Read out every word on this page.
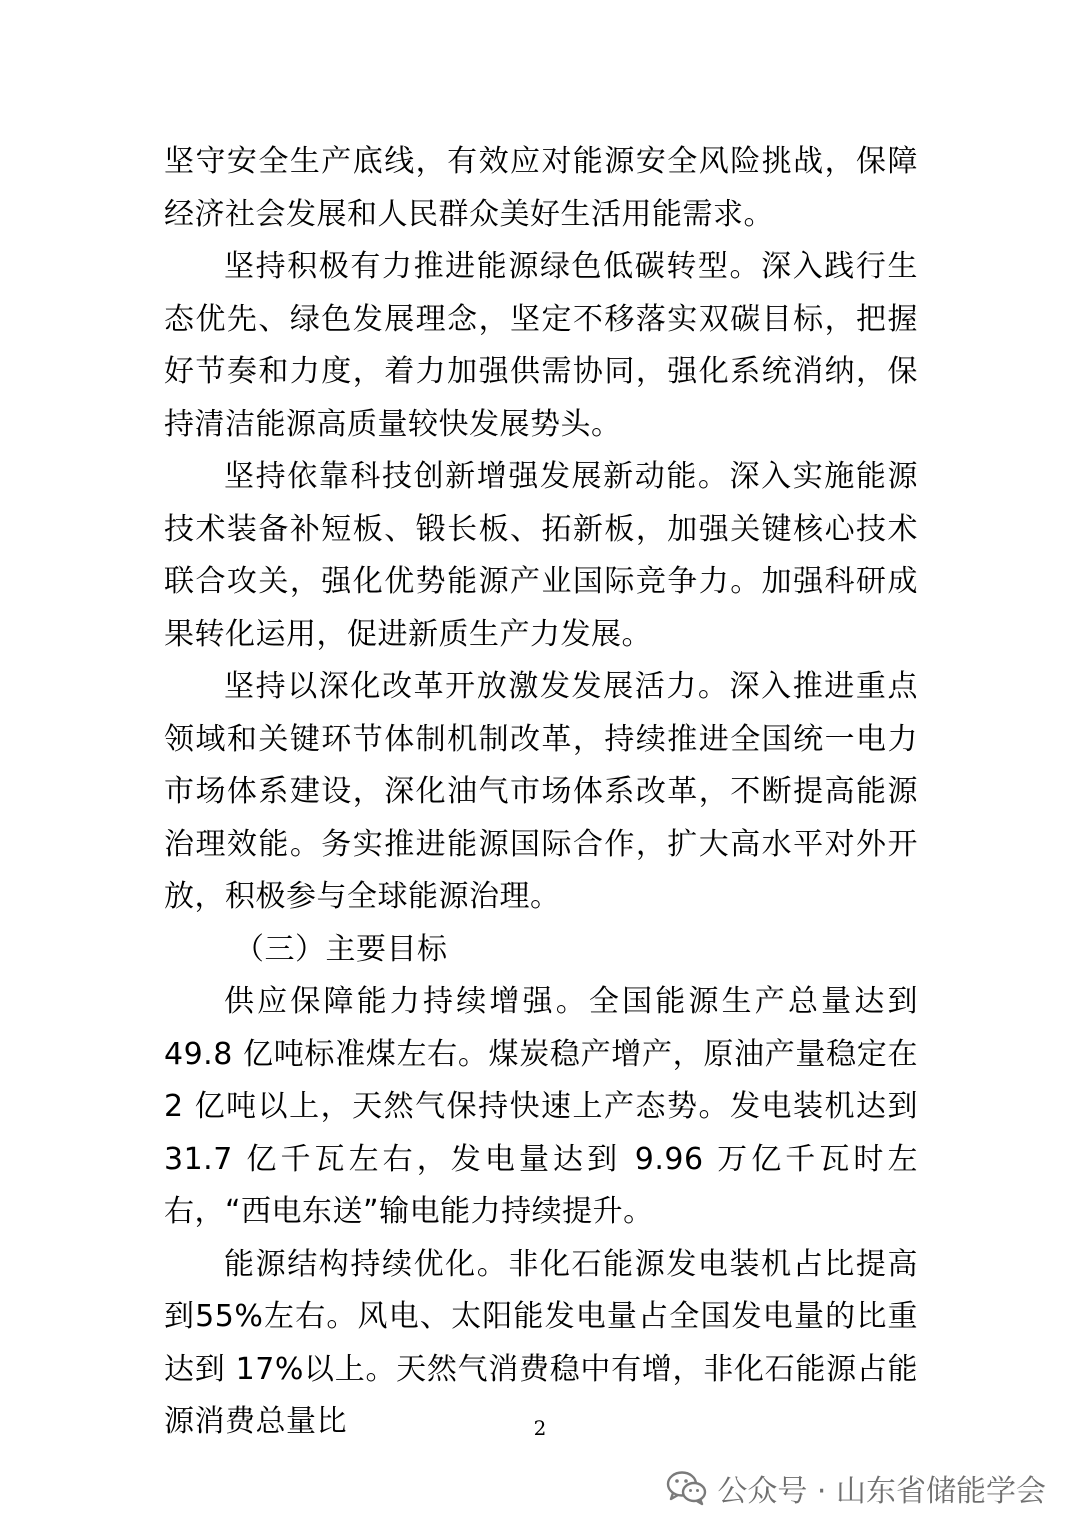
坚守安全生产底线，有效应对能源安全风险挑战，保障经济社会发展和人民群众美好生活用能需求。

坚持积极有力推进能源绿色低碳转型。深入践行生态优先、绿色发展理念，坚定不移落实双碳目标，把握好节奏和力度，着力加强供需协同，强化系统消纳，保持清洁能源高质量较快发展势头。

坚持依靠科技创新增强发展新动能。深入实施能源技术装备补短板、锻长板、拓新板，加强关键核心技术联合攻关，强化优势能源产业国际竞争力。加强科研成果转化运用，促进新质生产力发展。

坚持以深化改革开放激发发展活力。深入推进重点领域和关键环节体制机制改革，持续推进全国统一电力市场体系建设，深化油气市场体系改革，不断提高能源治理效能。务实推进能源国际合作，扩大高水平对外开放，积极参与全球能源治理。

（三）主要目标

供应保障能力持续增强。全国能源生产总量达到 49.8 亿吨标准煤左右。煤炭稳产增产，原油产量稳定在 2 亿吨以上，天然气保持快速上产态势。发电装机达到 31.7 亿千瓦左右，发电量达到 9.96 万亿千瓦时左右，“西电东送”输电能力持续提升。

能源结构持续优化。非化石能源发电装机占比提高到55%左右。风电、太阳能发电量占全国发电量的比重达到 17%以上。天然气消费稳中有增，非化石能源占能源消费总量比	2
公众号 · 山东省储能学会
